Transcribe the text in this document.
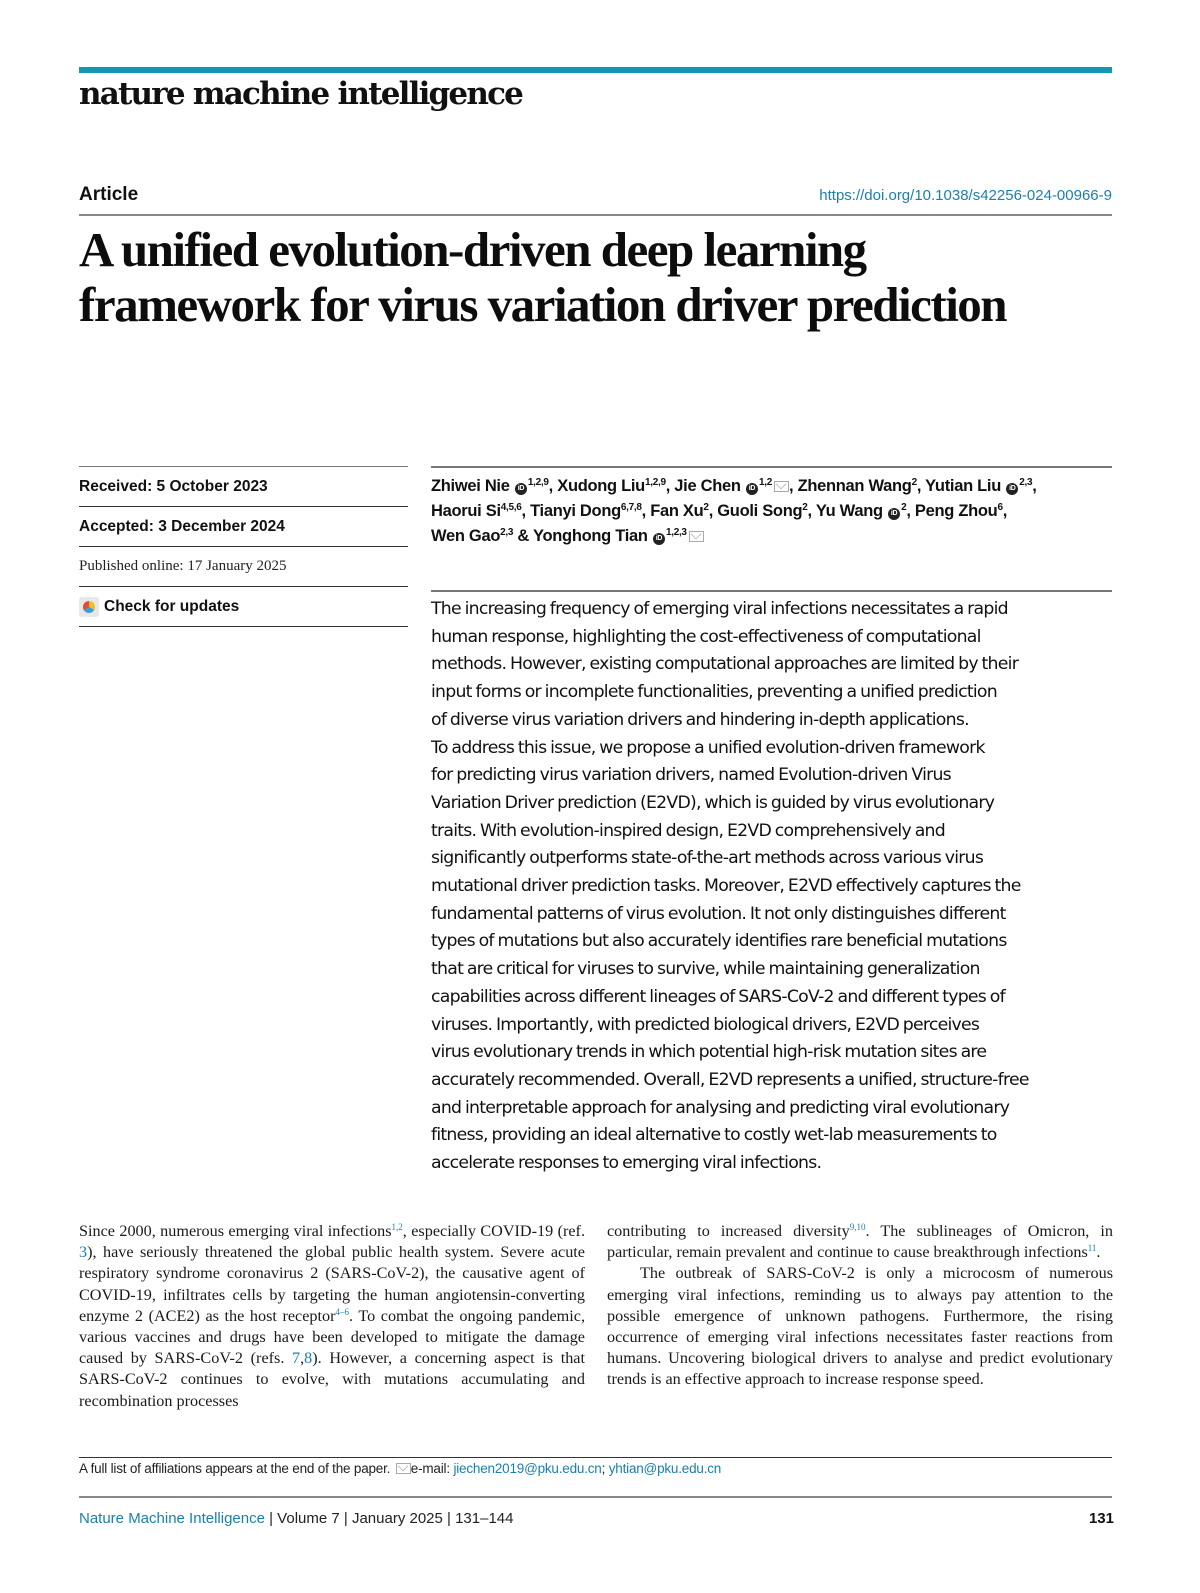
nature machine intelligence
Article	https://doi.org/10.1038/s42256-024-00966-9
A unified evolution-driven deep learning framework for virus variation driver prediction
Received: 5 October 2023
Accepted: 3 December 2024
Published online: 17 January 2025
Check for updates
Zhiwei Nie iD$^{1,2,9}$, Xudong Liu$^{1,2,9}$, Jie Chen iD$^{1,2}$ , Zhennan Wang$^2$, Yutian Liu iD$^{2,3}$,
Haorui Si$^{4,5,6}$, Tianyi Dong$^{6,7,8}$, Fan Xu$^2$, Guoli Song$^2$, Yu Wang $iD^2$, Peng Zhou$^6$,
Wen Gao$^{2,3}$ & Yonghong Tian iD$^{1,2,3}$

The increasing frequency of emerging viral infections necessitates a rapid

human response, highlighting the cost-effectiveness of computational

methods. However, existing computational approaches are limited by their

input forms or incomplete functionalities, preventing a unified prediction

of diverse virus variation drivers and hindering in-depth applications.

To address this issue, we propose a unified evolution-driven framework

for predicting virus variation drivers, named Evolution-driven Virus

Variation Driver prediction (E2VD), which is guided by virus evolutionary

traits. With evolution-inspired design, E2VD comprehensively and

significantly outperforms state-of-the-art methods across various virus

mutational driver prediction tasks. Moreover, E2VD effectively captures the

fundamental patterns of virus evolution. It not only distinguishes different

types of mutations but also accurately identifies rare beneficial mutations

that are critical for viruses to survive, while maintaining generalization

capabilities across different lineages of SARS-CoV-2 and different types of

viruses. Importantly, with predicted biological drivers, E2VD perceives

virus evolutionary trends in which potential high-risk mutation sites are

accurately recommended. Overall, E2VD represents a unified, structure-free

and interpretable approach for analysing and predicting viral evolutionary

fitness, providing an ideal alternative to costly wet-lab measurements to

accelerate responses to emerging viral infections.

Since 2000, numerous emerging viral infections$^{1,2}$, especially COVID-19 (ref. 3), have seriously threatened the global public health system. Severe acute respiratory syndrome coronavirus 2 (SARS-CoV-2), the causative agent of COVID-19, infiltrates cells by targeting the human angiotensin-converting enzyme 2 (ACE2) as the host receptor$^{4-6}$. To combat the ongoing pandemic, various vaccines and drugs have been developed to mitigate the damage caused by SARS-CoV-2 (refs. 7,8). However, a concerning aspect is that SARS-CoV-2 continues to evolve, with mutations accumulating and recombination processes

contributing to increased diversity$^{9,10}$. The sublineages of Omicron, in particular, remain prevalent and continue to cause breakthrough infections$^{11}$.

The outbreak of SARS-CoV-2 is only a microcosm of numerous emerging viral infections, reminding us to always pay attention to the possible emergence of unknown pathogens. Furthermore, the rising occurrence of emerging viral infections necessitates faster reactions from humans. Uncovering biological drivers to analyse and predict evolutionary trends is an effective approach to increase response speed.

A full list of affiliations appears at the end of the paper. e-mail: jiechen2019@pku.edu.cn; yhtian@pku.edu.cn
Nature Machine Intelligence | Volume 7 | January 2025 | 131–144	131
